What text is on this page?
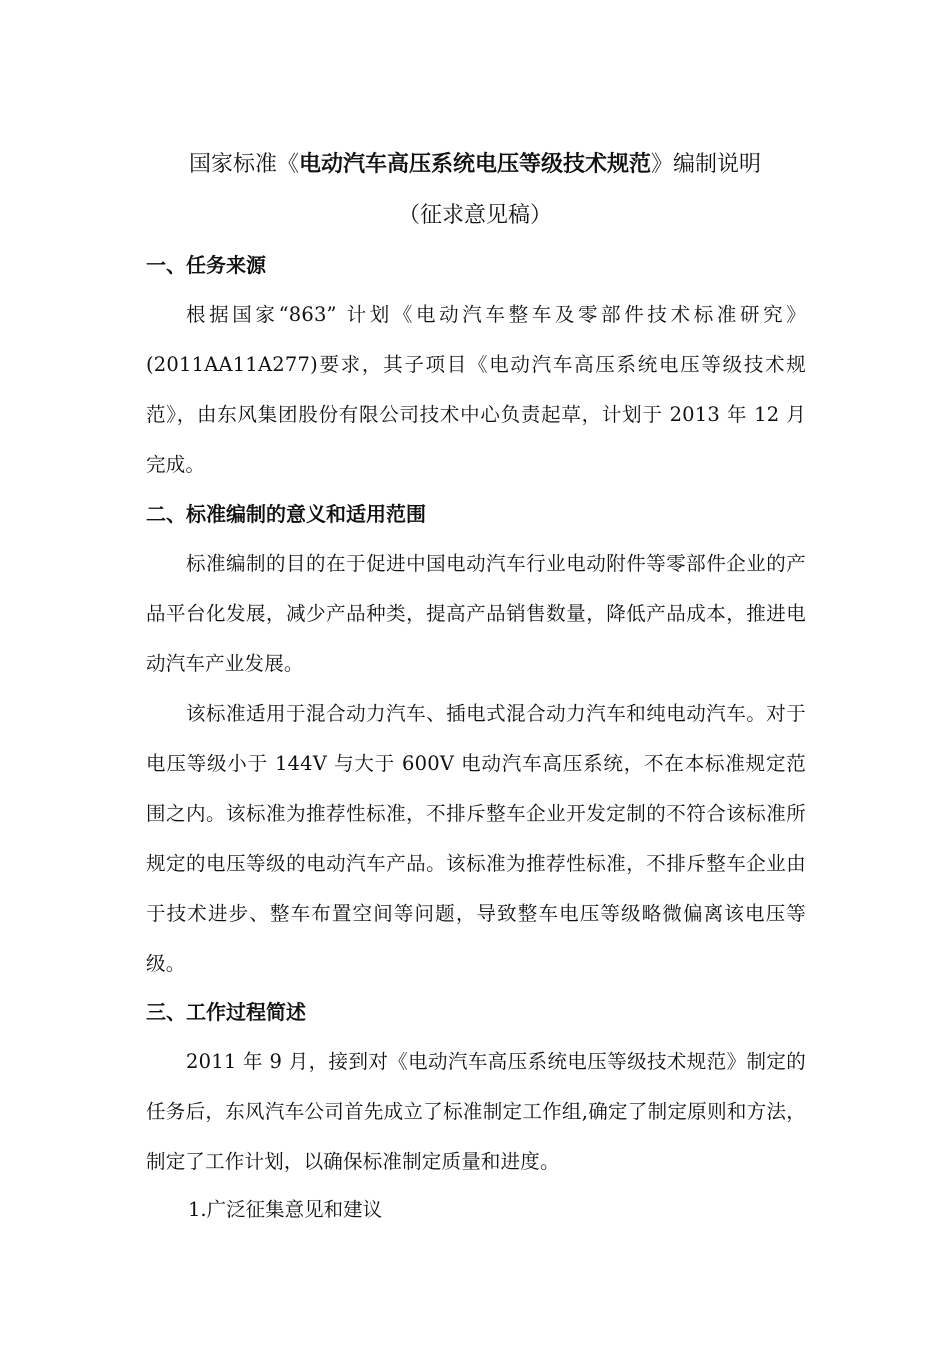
国家标准《电动汽车高压系统电压等级技术规范》编制说明
（征求意见稿）
一、任务来源

根据国家“863” 计划《电动汽车整车及零部件技术标准研究》(2011AA11A277)要求，其子项目《电动汽车高压系统电压等级技术规范》，由东风集团股份有限公司技术中心负责起草，计划于 2013 年 12 月完成。

二、标准编制的意义和适用范围

标准编制的目的在于促进中国电动汽车行业电动附件等零部件企业的产品平台化发展，减少产品种类，提高产品销售数量，降低产品成本，推进电动汽车产业发展。

该标准适用于混合动力汽车、插电式混合动力汽车和纯电动汽车。对于电压等级小于 144V 与大于 600V 电动汽车高压系统，不在本标准规定范围之内。该标准为推荐性标准，不排斥整车企业开发定制的不符合该标准所规定的电压等级的电动汽车产品。该标准为推荐性标准，不排斥整车企业由于技术进步、整车布置空间等问题，导致整车电压等级略微偏离该电压等级。

三、工作过程简述

2011 年 9 月，接到对《电动汽车高压系统电压等级技术规范》制定的任务后，东风汽车公司首先成立了标准制定工作组,确定了制定原则和方法，制定了工作计划，以确保标准制定质量和进度。

1.广泛征集意见和建议
